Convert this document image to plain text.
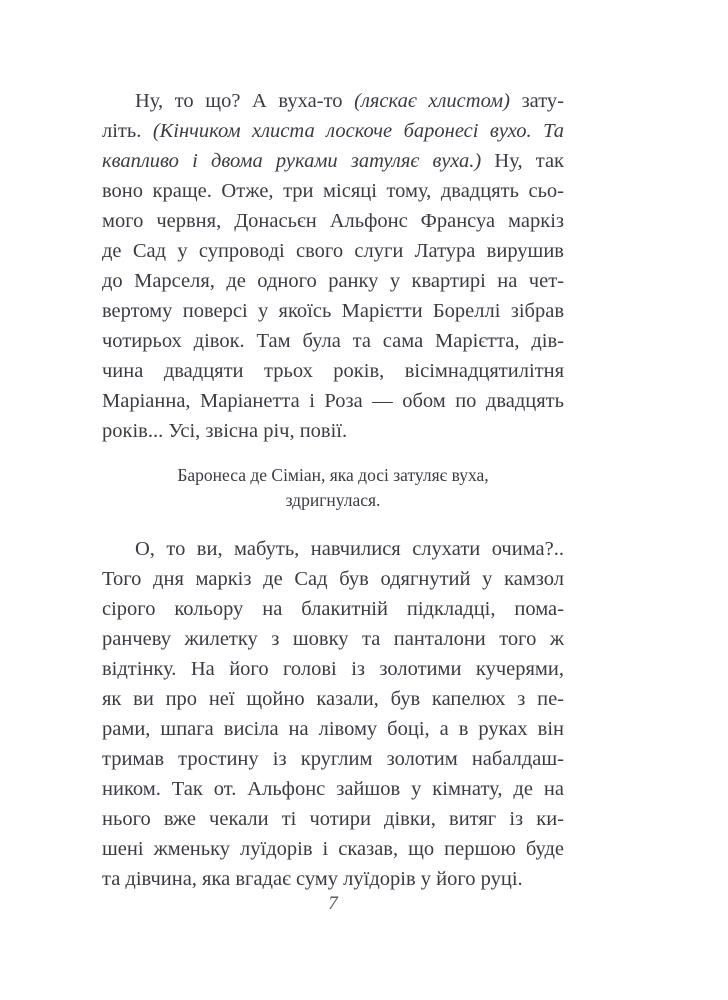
Ну, то що? А вуха-то (ляскає хлистом) зату-
літь. (Кінчиком хлиста лоскоче баронесі вухо. Та
квапливо і двома руками затуляє вуха.) Ну, так
воно краще. Отже, три місяці тому, двадцять сьо-
мого червня, Донасьєн Альфонс Франсуа маркіз
де Сад у супроводі свого слуги Латура вирушив
до Марселя, де одного ранку у квартирі на чет-
вертому поверсі у якоїсь Марієтти Бореллі зібрав
чотирьох дівок. Там була та сама Марієтта, дів-
чина двадцяти трьох років, вісімнадцятилітня
Маріанна, Маріанетта і Роза — обом по двадцять
років... Усі, звісна річ, повії.
Баронеса де Сіміан, яка досі затуляє вуха,
здригнулася.
О, то ви, мабуть, навчилися слухати очима?..
Того дня маркіз де Сад був одягнутий у камзол
сірого кольору на блакитній підкладці, пома-
ранчеву жилетку з шовку та панталони того ж
відтінку. На його голові із золотими кучерями,
як ви про неї щойно казали, був капелюх з пе-
рами, шпага висіла на лівому боці, а в руках він
тримав тростину із круглим золотим набалдаш-
ником. Так от. Альфонс зайшов у кімнату, де на
нього вже чекали ті чотири дівки, витяг із ки-
шені жменьку луїдорів і сказав, що першою буде
та дівчина, яка вгадає суму луїдорів у його руці.
7
